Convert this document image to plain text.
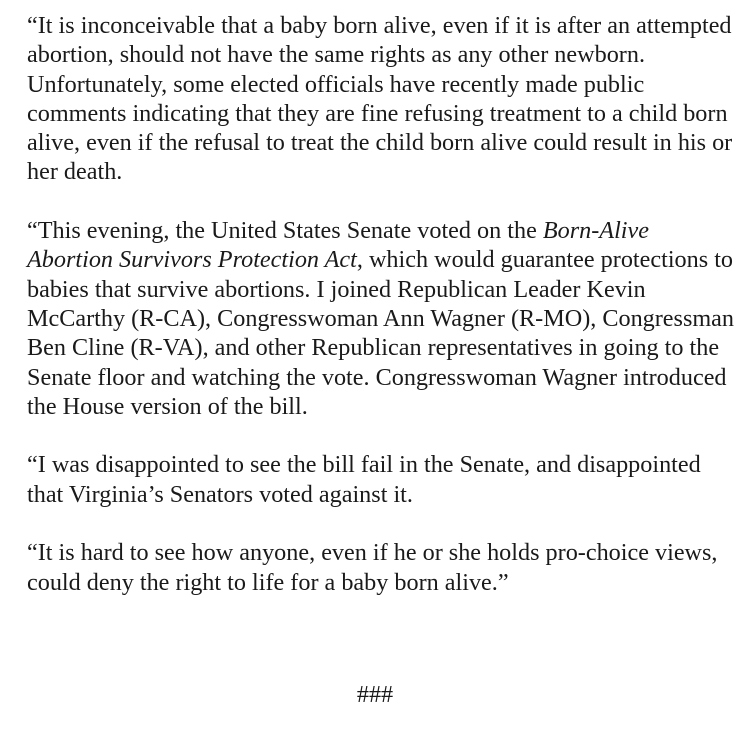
“It is inconceivable that a baby born alive, even if it is after an attempted abortion, should not have the same rights as any other newborn. Unfortunately, some elected officials have recently made public comments indicating that they are fine refusing treatment to a child born alive, even if the refusal to treat the child born alive could result in his or her death.

“This evening, the United States Senate voted on the Born-Alive Abortion Survivors Protection Act, which would guarantee protections to babies that survive abortions. I joined Republican Leader Kevin McCarthy (R-CA), Congresswoman Ann Wagner (R-MO), Congressman Ben Cline (R-VA), and other Republican representatives in going to the Senate floor and watching the vote. Congresswoman Wagner introduced the House version of the bill.

“I was disappointed to see the bill fail in the Senate, and disappointed that Virginia’s Senators voted against it.

“It is hard to see how anyone, even if he or she holds pro-choice views, could deny the right to life for a baby born alive.”

###
